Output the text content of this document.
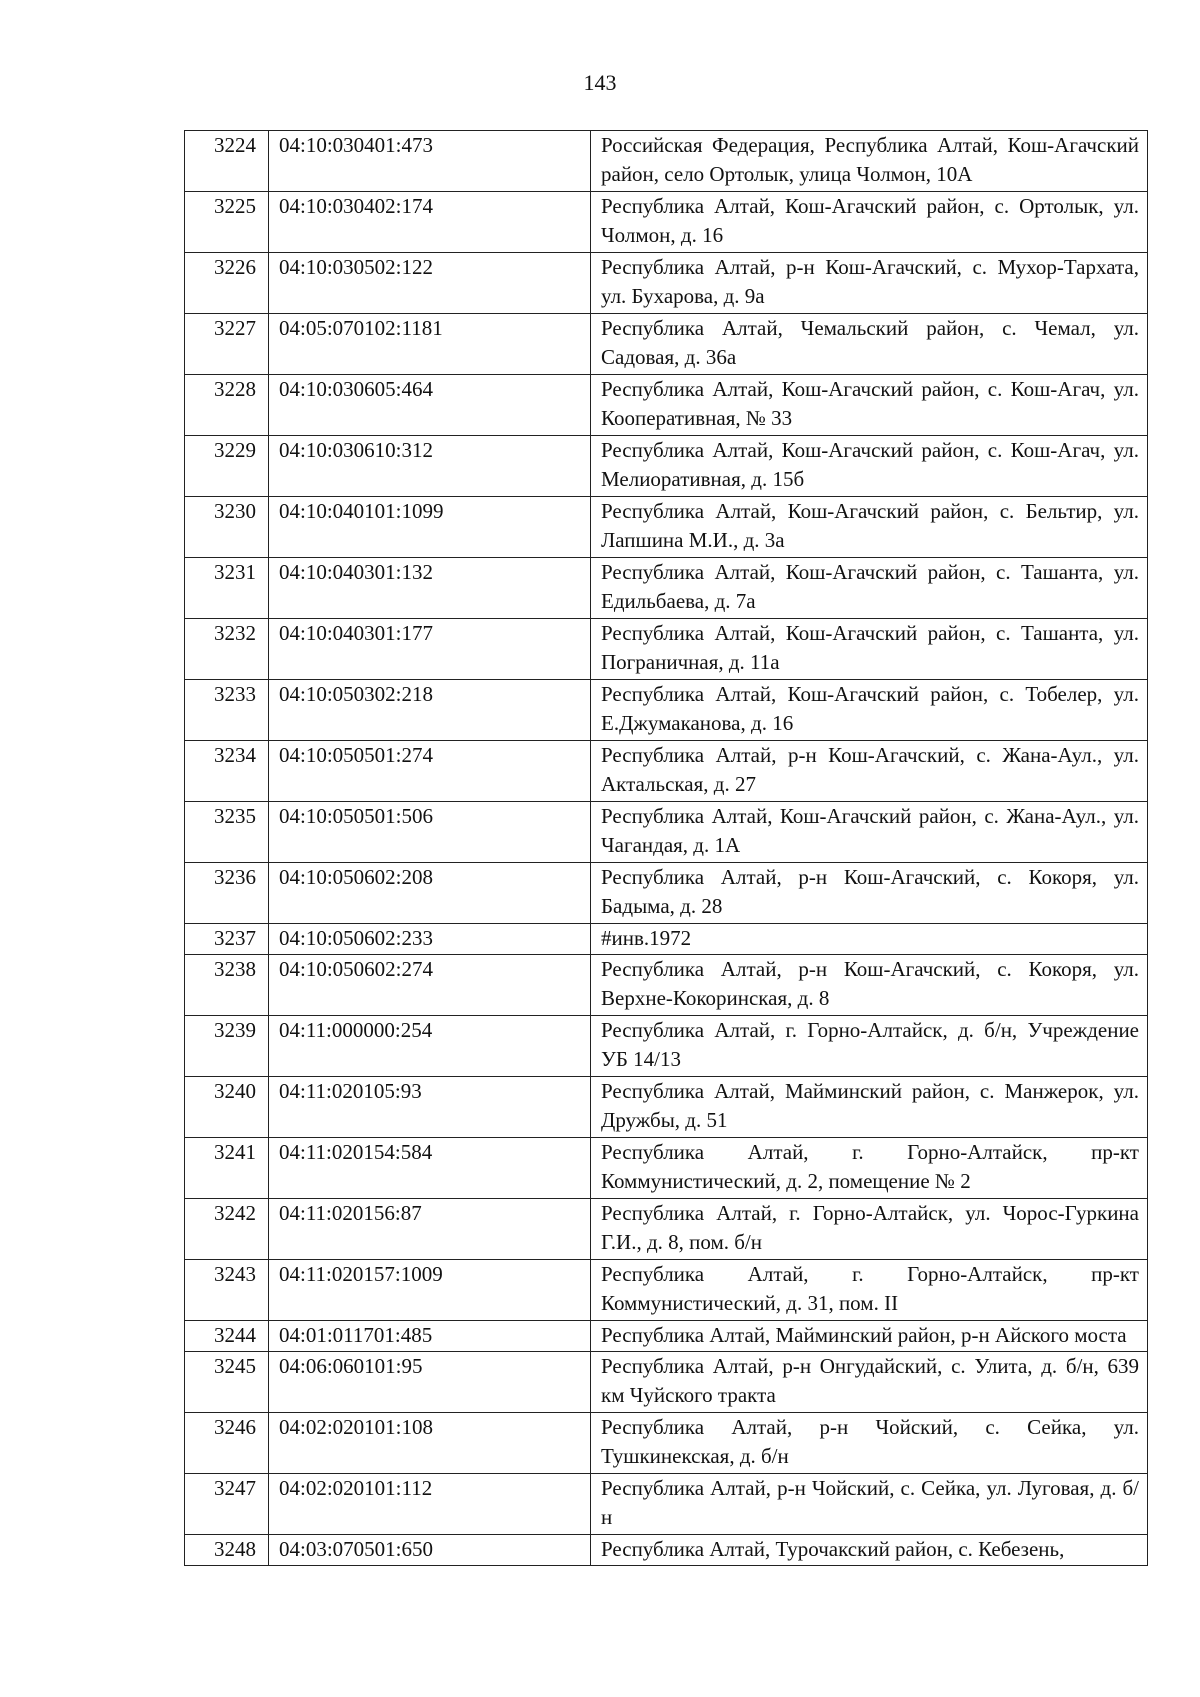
143
3224	04:10:030401:473	Российская Федерация, Республика Алтай, Кош-Агачский район, село Ортолык, улица Чолмон, 10А
3225	04:10:030402:174	Республика Алтай, Кош-Агачский район, с. Ортолык, ул. Чолмон, д. 16
3226	04:10:030502:122	Республика Алтай, р-н Кош-Агачский, с. Мухор-Тархата, ул. Бухарова, д. 9а
3227	04:05:070102:1181	Республика Алтай, Чемальский район, с. Чемал, ул. Садовая, д. 36а
3228	04:10:030605:464	Республика Алтай, Кош-Агачский район, с. Кош-Агач, ул. Кооперативная, № 33
3229	04:10:030610:312	Республика Алтай, Кош-Агачский район, с. Кош-Агач, ул. Мелиоративная, д. 15б
3230	04:10:040101:1099	Республика Алтай, Кош-Агачский район, с. Бельтир, ул. Лапшина М.И., д. 3а
3231	04:10:040301:132	Республика Алтай, Кош-Агачский район, с. Ташанта, ул. Едильбаева, д. 7а
3232	04:10:040301:177	Республика Алтай, Кош-Агачский район, с. Ташанта, ул. Пограничная, д. 11а
3233	04:10:050302:218	Республика Алтай, Кош-Агачский район, с. Тобелер, ул. Е.Джумаканова, д. 16
3234	04:10:050501:274	Республика Алтай, р-н Кош-Агачский, с. Жана-Аул., ул. Актальская, д. 27
3235	04:10:050501:506	Республика Алтай, Кош-Агачский район, с. Жана-Аул., ул. Чагандая, д. 1А
3236	04:10:050602:208	Республика Алтай, р-н Кош-Агачский, с. Кокоря, ул. Бадыма, д. 28
3237	04:10:050602:233	#инв.1972
3238	04:10:050602:274	Республика Алтай, р-н Кош-Агачский, с. Кокоря, ул. Верхне-Кокоринская, д. 8
3239	04:11:000000:254	Республика Алтай, г. Горно-Алтайск, д. б/н, Учреждение УБ 14/13
3240	04:11:020105:93	Республика Алтай, Майминский район, с. Манжерок, ул. Дружбы, д. 51
3241	04:11:020154:584	Республика Алтай, г. Горно-Алтайск, пр-кт Коммунистический, д. 2, помещение № 2
3242	04:11:020156:87	Республика Алтай, г. Горно-Алтайск, ул. Чорос-Гуркина Г.И., д. 8, пом. б/н
3243	04:11:020157:1009	Республика Алтай, г. Горно-Алтайск, пр-кт Коммунистический, д. 31, пом. II
3244	04:01:011701:485	Республика Алтай, Майминский район, р-н Айского моста
3245	04:06:060101:95	Республика Алтай, р-н Онгудайский, с. Улита, д. б/н, 639 км Чуйского тракта
3246	04:02:020101:108	Республика Алтай, р-н Чойский, с. Сейка, ул. Тушкинекская, д. б/н
3247	04:02:020101:112	Республика Алтай, р-н Чойский, с. Сейка, ул. Луговая, д. б/н
3248	04:03:070501:650	Республика Алтай, Турочакский район, с. Кебезень,
